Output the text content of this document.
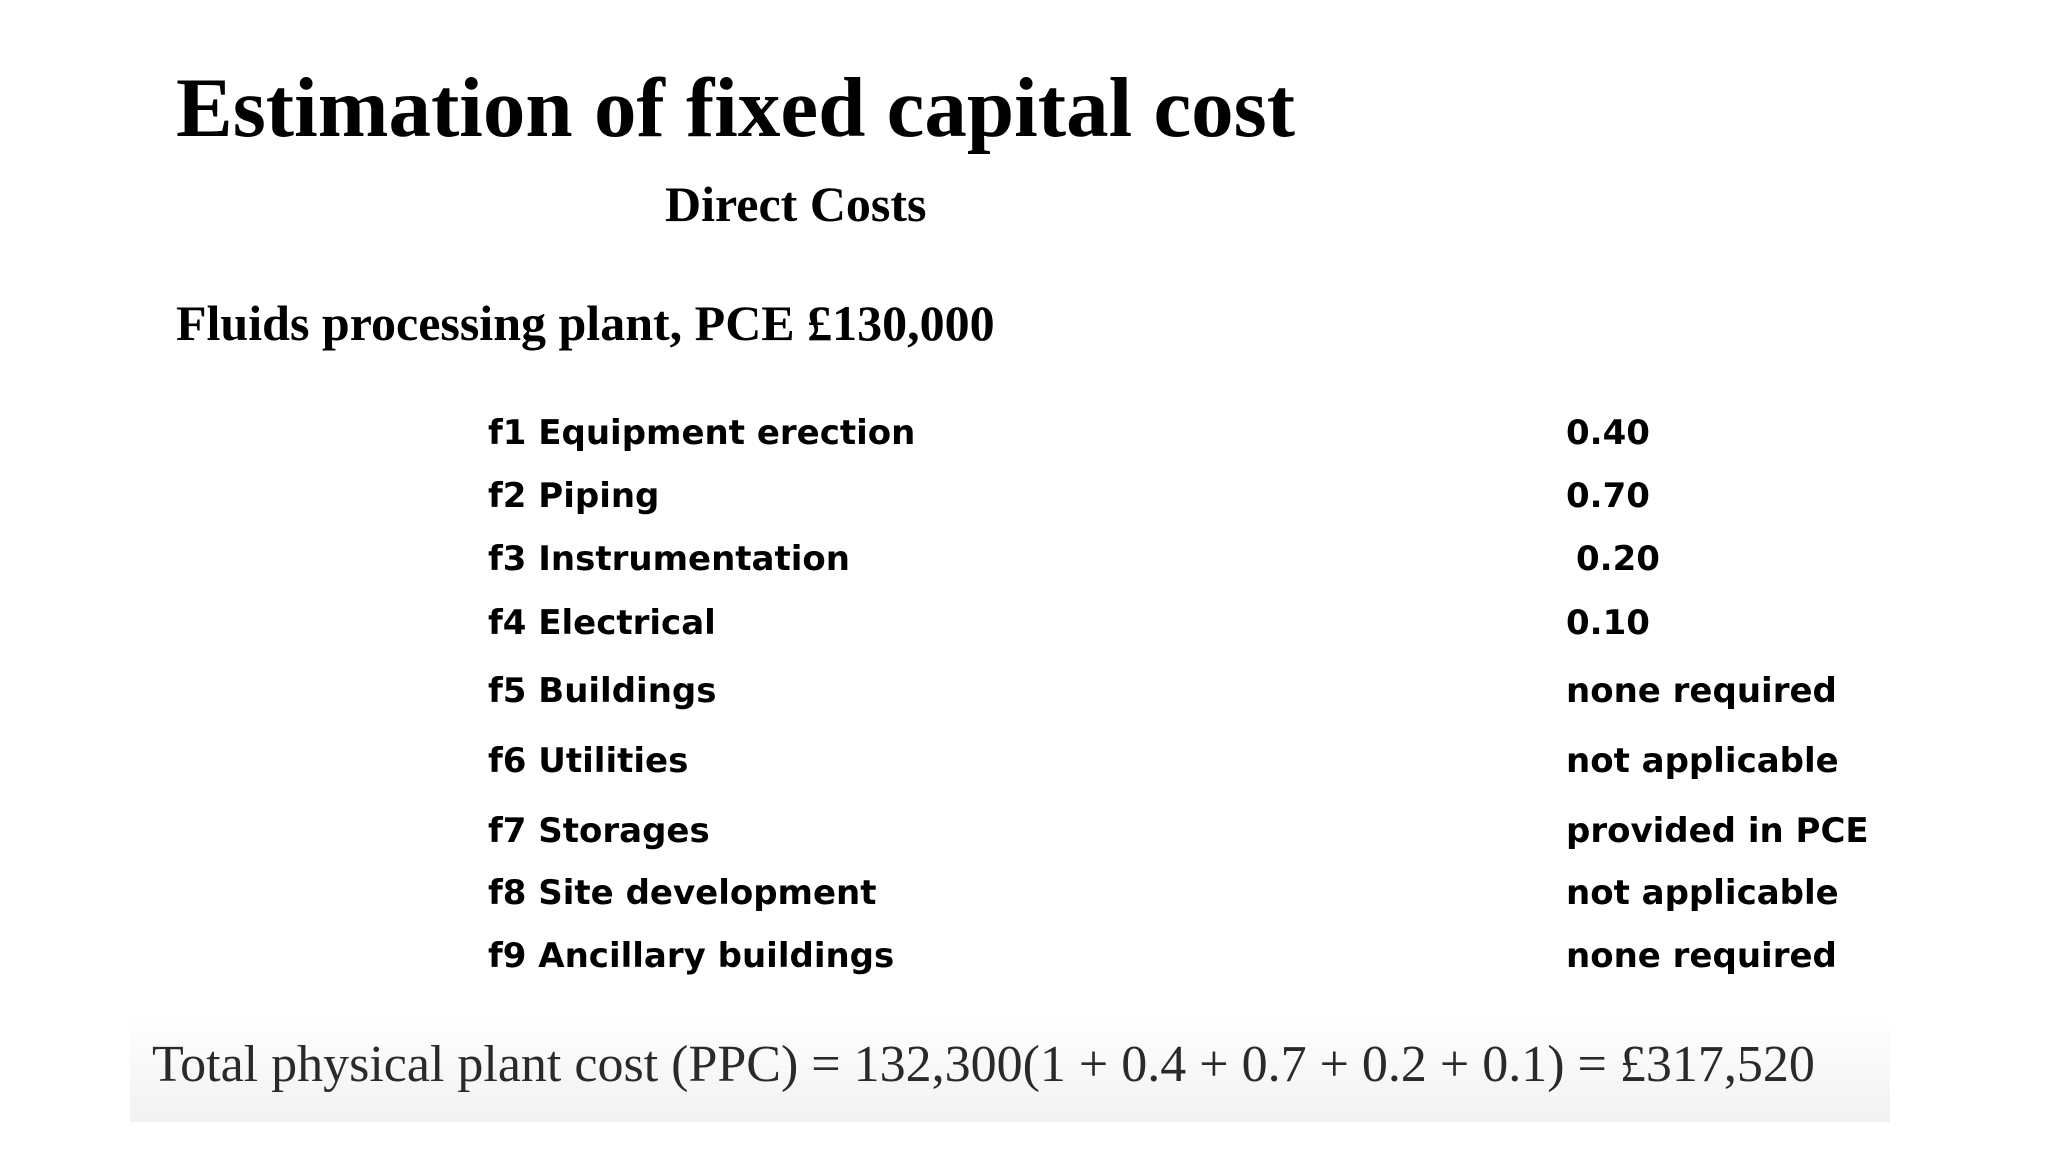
Estimation of fixed capital cost
Direct Costs
Fluids processing plant, PCE £130,000
f1 Equipment erection	0.40
f2 Piping	0.70
f3 Instrumentation	0.20
f4 Electrical	0.10
f5 Buildings	none required
f6 Utilities	not applicable
f7 Storages	provided in PCE
f8 Site development	not applicable
f9 Ancillary buildings	none required

Total physical plant cost (PPC) = 132,300(1 + 0.4 + 0.7 + 0.2 + 0.1) = £317,520
